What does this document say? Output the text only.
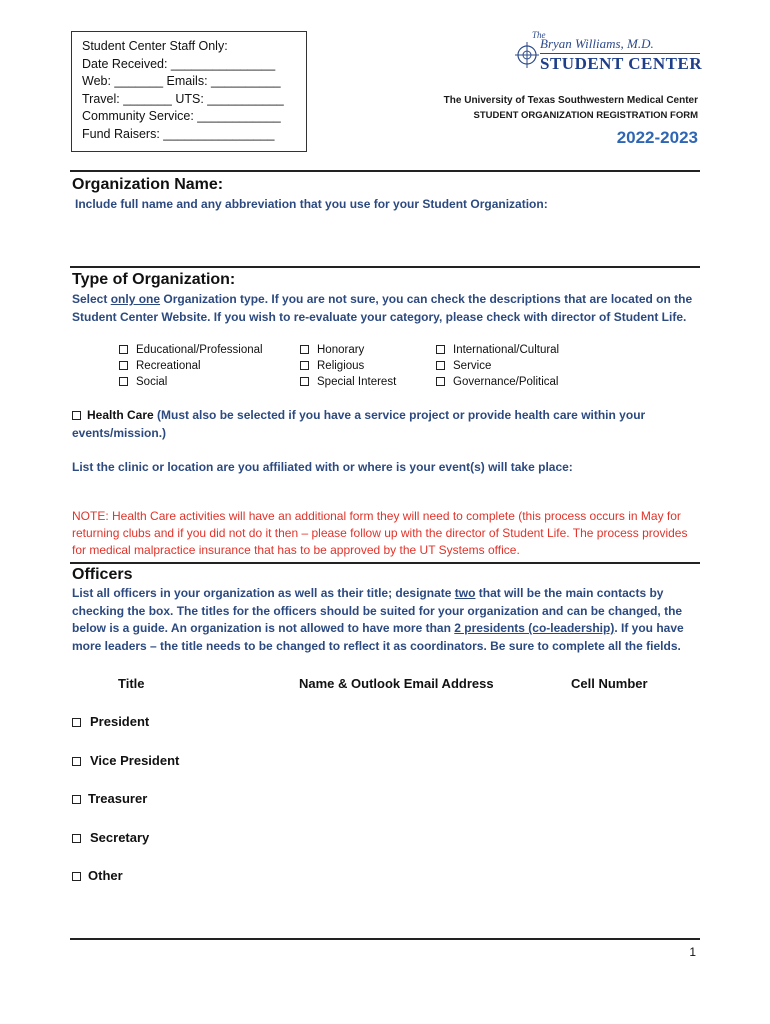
Student Center Staff Only:
Date Received: _______________
Web: _______ Emails: __________
Travel: _______ UTS: ___________
Community Service: ____________
Fund Raisers: ________________
The
Bryan Williams, M.D.
STUDENT CENTER
The University of Texas Southwestern Medical Center
STUDENT ORGANIZATION REGISTRATION FORM
2022-2023
Organization Name:
Include full name and any abbreviation that you use for your Student Organization:
Type of Organization:
Select only one Organization type. If you are not sure, you can check the descriptions that are located on the Student Center Website. If you wish to re-evaluate your category, please check with director of Student Life.
Educational/Professional
Recreational
Social
Honorary
Religious
Special Interest
International/Cultural
Service
Governance/Political
Health Care (Must also be selected if you have a service project or provide health care within your events/mission.)
List the clinic or location are you affiliated with or where is your event(s) will take place:
NOTE: Health Care activities will have an additional form they will need to complete (this process occurs in May for returning clubs and if you did not do it then – please follow up with the director of Student Life. The process provides for medical malpractice insurance that has to be approved by the UT Systems office.
Officers
List all officers in your organization as well as their title; designate two that will be the main contacts by checking the box. The titles for the officers should be suited for your organization and can be changed, the below is a guide. An organization is not allowed to have more than 2 presidents (co-leadership). If you have more leaders – the title needs to be changed to reflect it as coordinators. Be sure to complete all the fields.
Title	Name & Outlook Email Address	Cell Number
President
Vice President
Treasurer
Secretary
Other
1
